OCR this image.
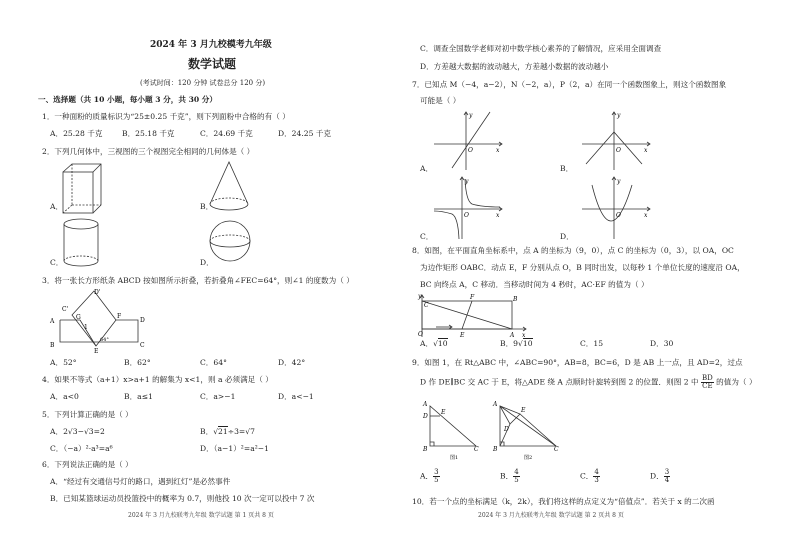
2024 年 3 月九校模考九年级
数学试题
(考试时间：120 分钟 试卷总分 120 分)
一、选择题（共 10 小题，每小题 3 分，共 30 分）
1．一种面粉的质量标识为“25±0.25 千克”，则下列面粉中合格的有（ ）
A．25.28 千克	B．25.18 千克	C．24.69 千克	D．24.25 千克
2．下列几何体中，三视图的三个视图完全相同的几何体是（ ）
A．	B．
C．	D．
3．将一张长方形纸条 ABCD 按如图所示折叠，若折叠角∠FEC=64°，则∠1 的度数为（ ）
A
B	C
D
E
F
C'
D'
G
1
64°
A．52°	B．62°	C．64°	D．42°
4．如果不等式（a+1）x>a+1 的解集为 x<1，则 a 必须满足（ ）
A．a<0	B．a≤1	C．a>−1	D．a<−1
5．下列计算正确的是（ ）
A．2√3−√3=2	B．√21÷3=√7
C．（−a）²·a³=a⁶	D．（a−1）²=a²−1
6．下列说法正确的是（ ）
A．“经过有交通信号灯的路口，遇到红灯”是必然事件
B．已知某篮球运动员投篮投中的概率为 0.7，则他投 10 次一定可以投中 7 次
2024 年 3 月九校联考九年级 数学试题 第 1 页共 8 页
C．调查全国数学老师对初中数学核心素养的了解情况，应采用全面调查
D．方差越大数据的波动越大，方差越小数据的波动越小
7．已知点 M（−4，a−2），N（−2，a），P（2，a）在同一个函数图象上，则这个函数图象
可能是（ ）
A．	B．
C．	D．
x
y
O	x
y
O
x
y
O	x
y
O
8．如图，在平面直角坐标系中，点 A 的坐标为（9，0），点 C 的坐标为（0，3），以 OA，OC
为边作矩形 OABC．动点 E，F 分别从点 O，B 同时出发，以每秒 1 个单位长度的速度沿 OA，
BC 向终点 A，C 移动．当移动时间为 4 秒时，AC·EF 的值为（ ）
y
C
F	B
O	E	A x
A．√10	B．9√10	C．15	D．30
9．如图 1，在 Rt△ABC 中，∠ABC=90°，AB=8，BC=6，D 是 AB 上一点，且 AD=2，过点
D 作 DE∥BC 交 AC 于 E，将△ADE 绕 A 点顺时针旋转到图 2 的位置．则图 2 中 $\frac{BD}{CE}$ 的值为（ ）
A
D
E
B	C
图1
A
D
E
B	C
图2
A． $\frac{3}{5}$	B． $\frac{4}{5}$	C． $\frac{4}{3}$	D． $\frac{3}{4}$
10．若一个点的坐标满足（k，2k），我们将这样的点定义为“倍值点”．若关于 x 的二次函
2024 年 3 月九校联考九年级 数学试题 第 2 页共 8 页
